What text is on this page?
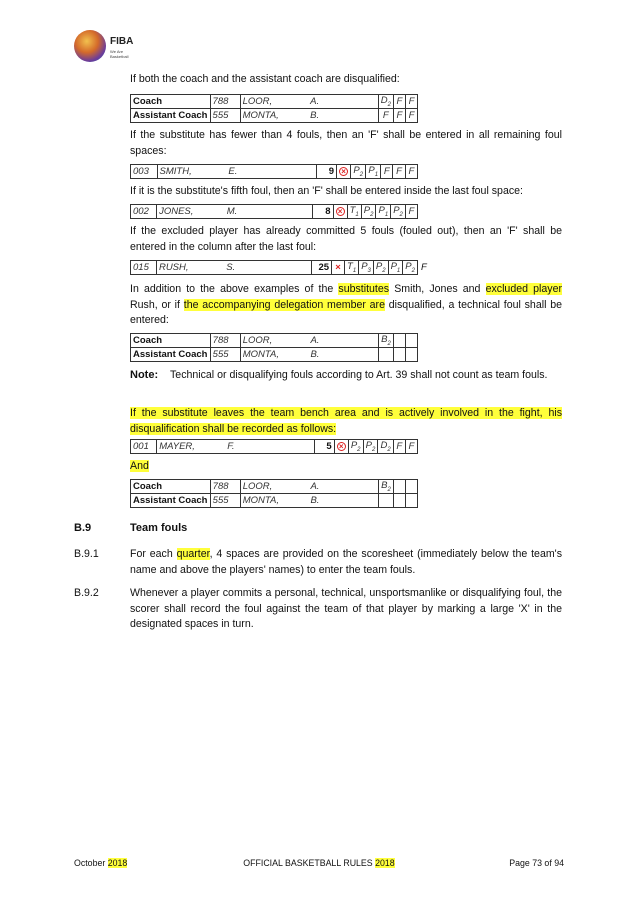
FIBA
We Are Basketball
If both the coach and the assistant coach are disqualified:
Coach	788	LOOR,	A.	$D_2$	F	F
Assistant Coach	555	MONTA,	B.	F	F	F
If the substitute has fewer than 4 fouls, then an 'F' shall be entered in all remaining foul spaces:
003	SMITH,	E.	9	×	$P_2$	$P_1$	F	F	F
If it is the substitute's fifth foul, then an 'F' shall be entered inside the last foul space:
002	JONES,	M.	8	×	$T_1$	$P_2$	$P_1$	$P_2$	F
If the excluded player has already committed 5 fouls (fouled out), then an 'F' shall be entered in the column after the last foul:
015	RUSH,	S.	25	×	$T_1$	$P_3$	$P_2$	$P_1$	$P_2$ F
In addition to the above examples of the substitutes Smith, Jones and excluded player Rush, or if the accompanying delegation member are disqualified, a technical foul shall be entered:
Coach	788	LOOR,	A.	$B_2$		
Assistant Coach	555	MONTA,	B.			
Note:	Technical or disqualifying fouls according to Art. 39 shall not count as team fouls.
If the substitute leaves the team bench area and is actively involved in the fight, his disqualification shall be recorded as follows:
001	MAYER,	F.	5	×	$P_2$	$P_2$	$D_2$	F	F
And
Coach	788	LOOR,	A.	$B_2$		
Assistant Coach	555	MONTA,	B.			
B.9	Team fouls
B.9.1	For each quarter, 4 spaces are provided on the scoresheet (immediately below the team's name and above the players' names) to enter the team fouls.
B.9.2	Whenever a player commits a personal, technical, unsportsmanlike or disqualifying foul, the scorer shall record the foul against the team of that player by marking a large 'X' in the designated spaces in turn.
October 2018	OFFICIAL BASKETBALL RULES 2018	Page 73 of 94
